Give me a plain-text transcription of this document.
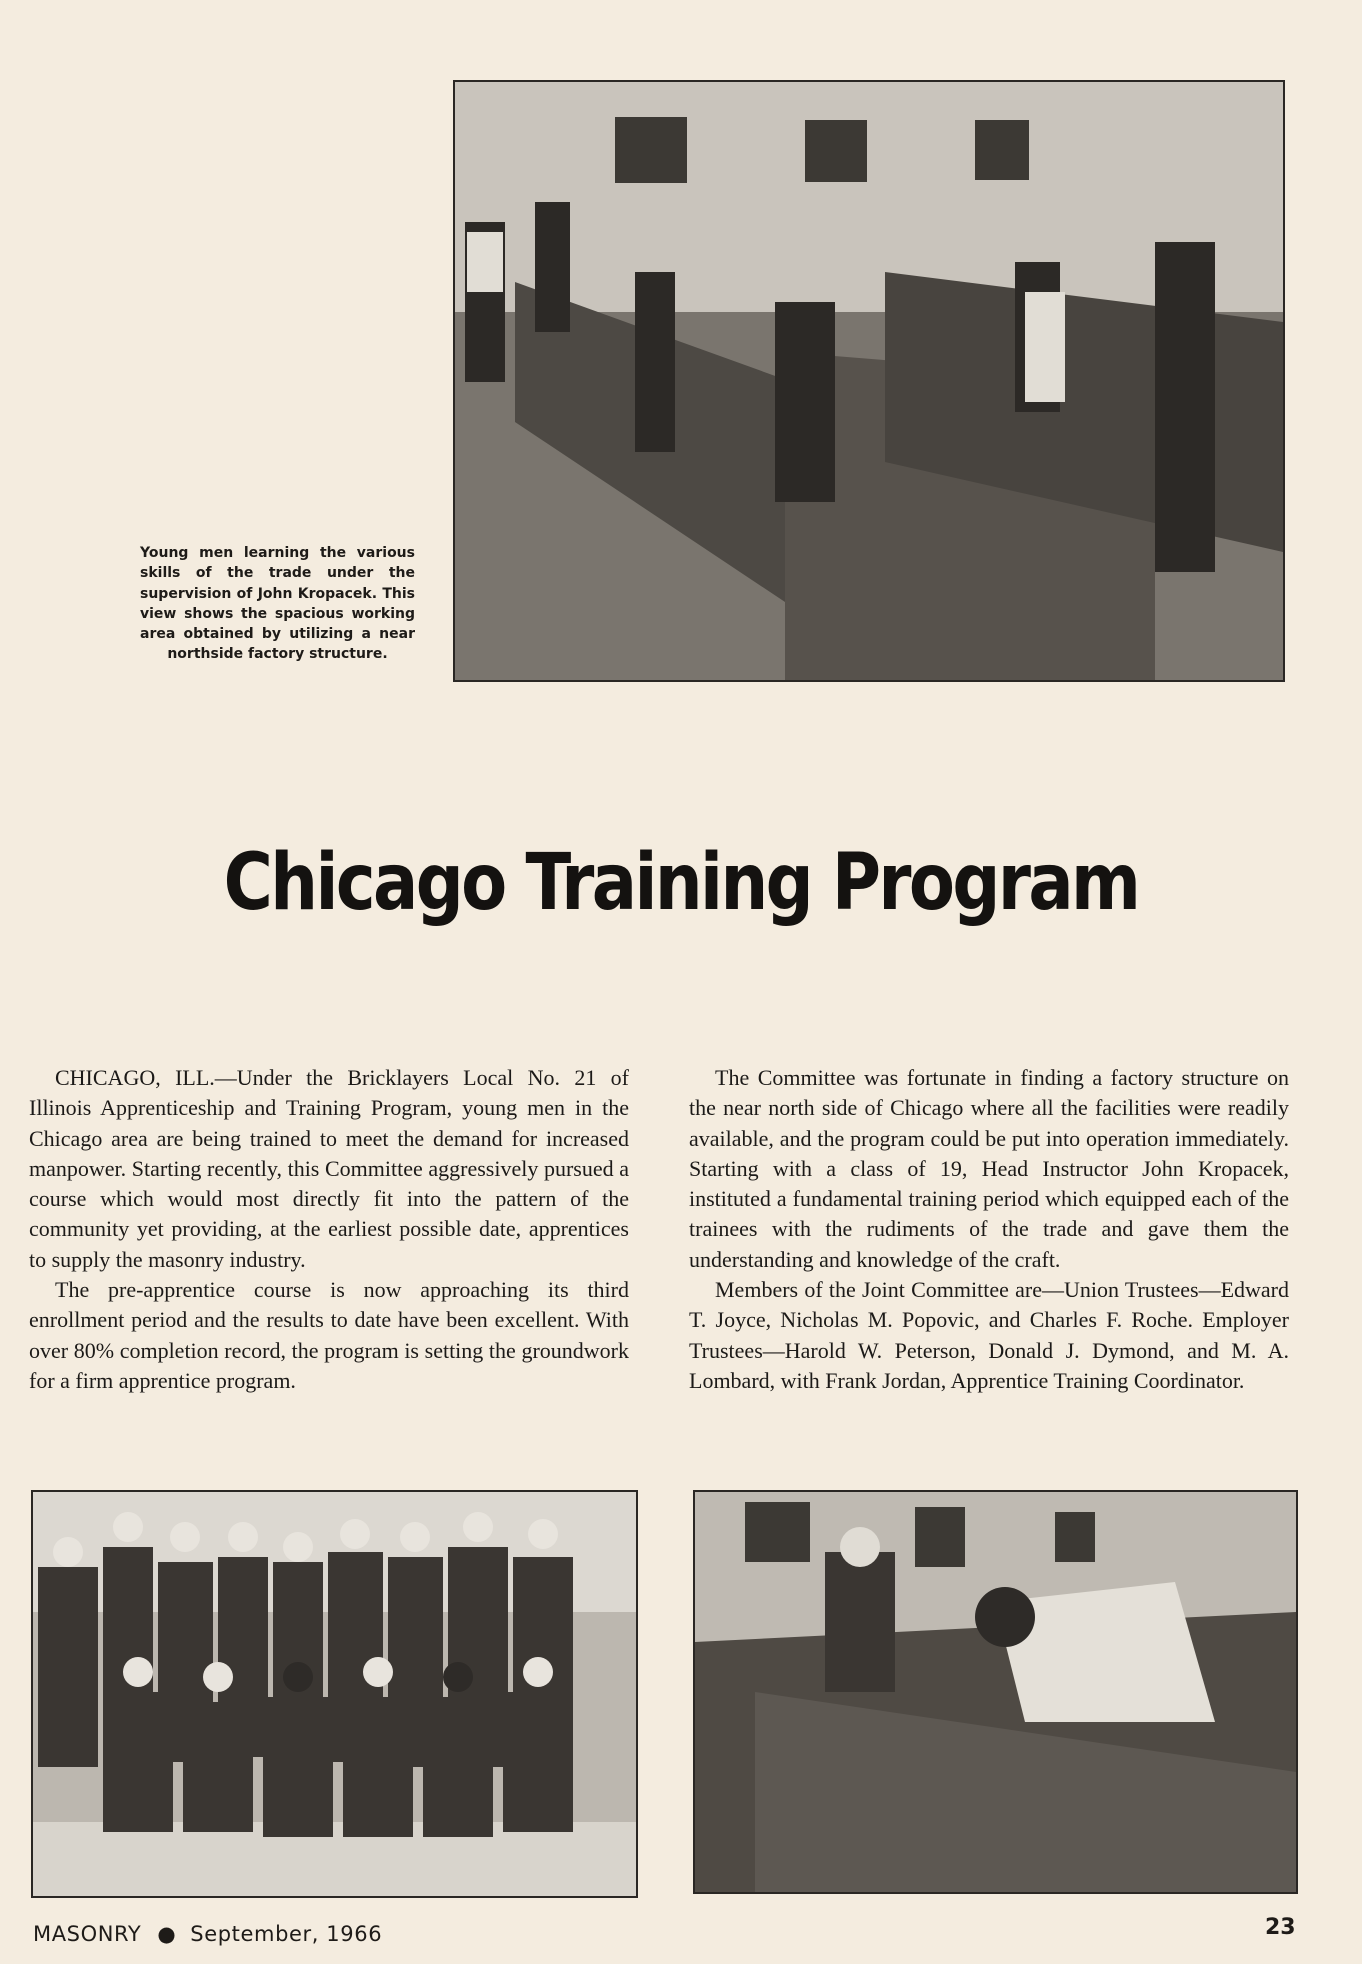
Young men learning the various skills of the trade under the supervision of John Kropacek. This view shows the spacious working area obtained by utilizing a near northside factory structure.
Chicago Training Program

CHICAGO, ILL.—Under the Bricklayers Local No. 21 of Illinois Apprenticeship and Training Program, young men in the Chicago area are being trained to meet the demand for increased manpower. Starting recently, this Committee aggressively pursued a course which would most directly fit into the pattern of the community yet providing, at the earliest possible date, apprentices to supply the masonry industry.

The pre-apprentice course is now approaching its third enrollment period and the results to date have been excellent. With over 80% completion record, the program is setting the groundwork for a firm apprentice program.

The Committee was fortunate in finding a factory structure on the near north side of Chicago where all the facilities were readily available, and the program could be put into operation immediately. Starting with a class of 19, Head Instructor John Kropacek, instituted a fundamental training period which equipped each of the trainees with the rudiments of the trade and gave them the understanding and knowledge of the craft.

Members of the Joint Committee are—Union Trustees—Edward T. Joyce, Nicholas M. Popovic, and Charles F. Roche. Employer Trustees—Harold W. Peterson, Donald J. Dymond, and M. A. Lombard, with Frank Jordan, Apprentice Training Coordinator.

MASONRY ● September, 1966	23
